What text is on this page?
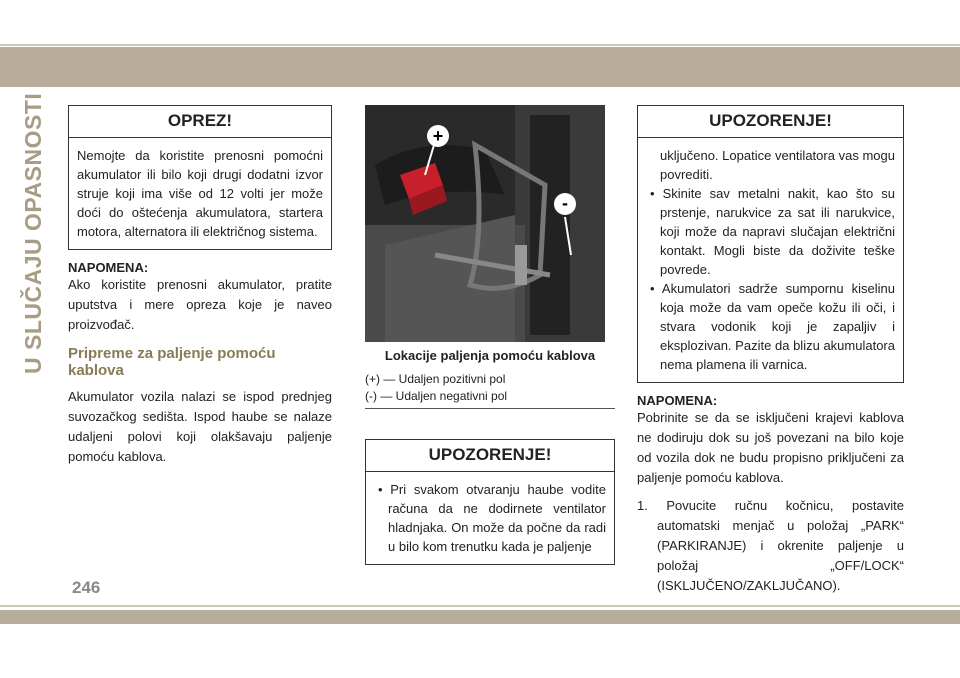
U SLUČAJU OPASNOSTI	OPREZ!
Nemojte da koristite prenosni pomoćni akumulator ili bilo koji drugi dodatni izvor struje koji ima više od 12 volti jer može doći do oštećenja akumulatora, startera motora, alternatora ili električnog sistema.
NAPOMENA:
Ako koristite prenosni akumulator, pratite uputstva i mere opreza koje je naveo proizvođač.
Pripreme za paljenje pomoću kablova
Akumulator vozila nalazi se ispod prednjeg suvozačkog sedišta. Ispod haube se nalaze udaljeni polovi koji olakšavaju paljenje pomoću kablova.
+
-
Lokacije paljenja pomoću kablova
(+) — Udaljen pozitivni pol
(-) — Udaljen negativni pol
UPOZORENJE!
• Pri svakom otvaranju haube vodite računa da ne dodirnete ventilator hladnjaka. On može da počne da radi u bilo kom trenutku kada je paljenje
UPOZORENJE!
uključeno. Lopatice ventilatora vas mogu povrediti.
• Skinite sav metalni nakit, kao što su prstenje, narukvice za sat ili narukvice, koji može da napravi slučajan električni kontakt. Mogli biste da doživite teške povrede.
• Akumulatori sadrže sumpornu kiselinu koja može da vam opeče kožu ili oči, i stvara vodonik koji je zapaljiv i eksplozivan. Pazite da blizu akumulatora nema plamena ili varnica.
NAPOMENA:
Pobrinite se da se isključeni krajevi kablova ne dodiruju dok su još povezani na bilo koje od vozila dok ne budu propisno priključeni za paljenje pomoću kablova.
1. Povucite ručnu kočnicu, postavite automatski menjač u položaj „PARK“ (PARKIRANJE) i okrenite paljenje u položaj „OFF/LOCK“ (ISKLJUČENO/ZAKLJUČANO).
246
